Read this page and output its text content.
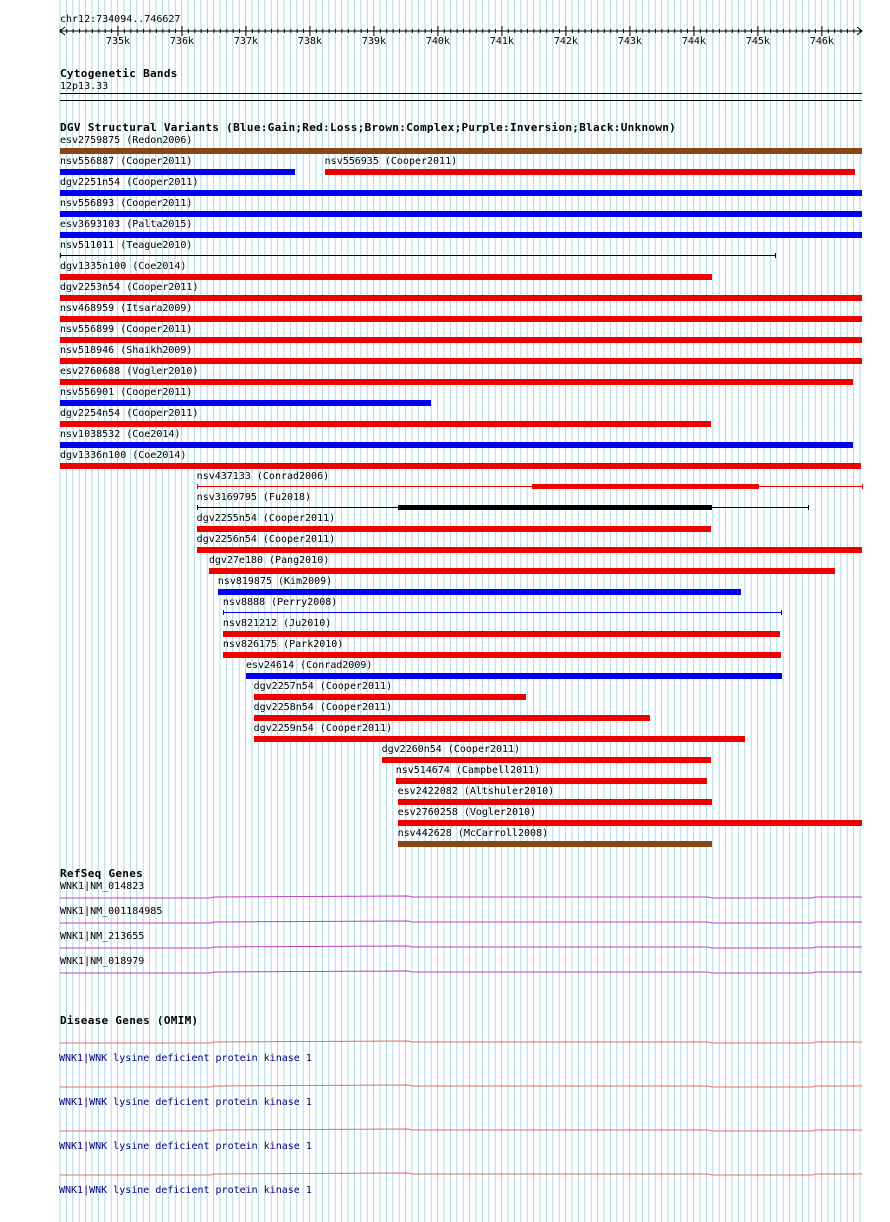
chr12:734094..746627
735k	736k	737k	738k	739k	740k	741k	742k	743k	744k	745k	746k
Cytogenetic Bands
12p13.33
DGV Structural Variants (Blue:Gain;Red:Loss;Brown:Complex;Purple:Inversion;Black:Unknown)
esv2759875 (Redon2006)
nsv556887 (Cooper2011)	nsv556935 (Cooper2011)
dgv2251n54 (Cooper2011)
nsv556893 (Cooper2011)
esv3693103 (Palta2015)
nsv511011 (Teague2010)
dgv1335n100 (Coe2014)
dgv2253n54 (Cooper2011)
nsv468959 (Itsara2009)
nsv556899 (Cooper2011)
nsv518946 (Shaikh2009)
esv2760688 (Vogler2010)
nsv556901 (Cooper2011)
dgv2254n54 (Cooper2011)
nsv1038532 (Coe2014)
dgv1336n100 (Coe2014)
nsv437133 (Conrad2006)
nsv3169795 (Fu2018)
dgv2255n54 (Cooper2011)
dgv2256n54 (Cooper2011)
dgv27e180 (Pang2010)
nsv819875 (Kim2009)
nsv8888 (Perry2008)
nsv821212 (Ju2010)
nsv826175 (Park2010)
esv24614 (Conrad2009)
dgv2257n54 (Cooper2011)
dgv2258n54 (Cooper2011)
dgv2259n54 (Cooper2011)
dgv2260n54 (Cooper2011)
nsv514674 (Campbell2011)
esv2422082 (Altshuler2010)
esv2760258 (Vogler2010)
nsv442628 (McCarroll2008)
RefSeq Genes
WNK1|NM_014823
WNK1|NM_001184985
WNK1|NM_213655
WNK1|NM_018979
Disease Genes (OMIM)
WNK1|WNK lysine deficient protein kinase 1
WNK1|WNK lysine deficient protein kinase 1
WNK1|WNK lysine deficient protein kinase 1
WNK1|WNK lysine deficient protein kinase 1
